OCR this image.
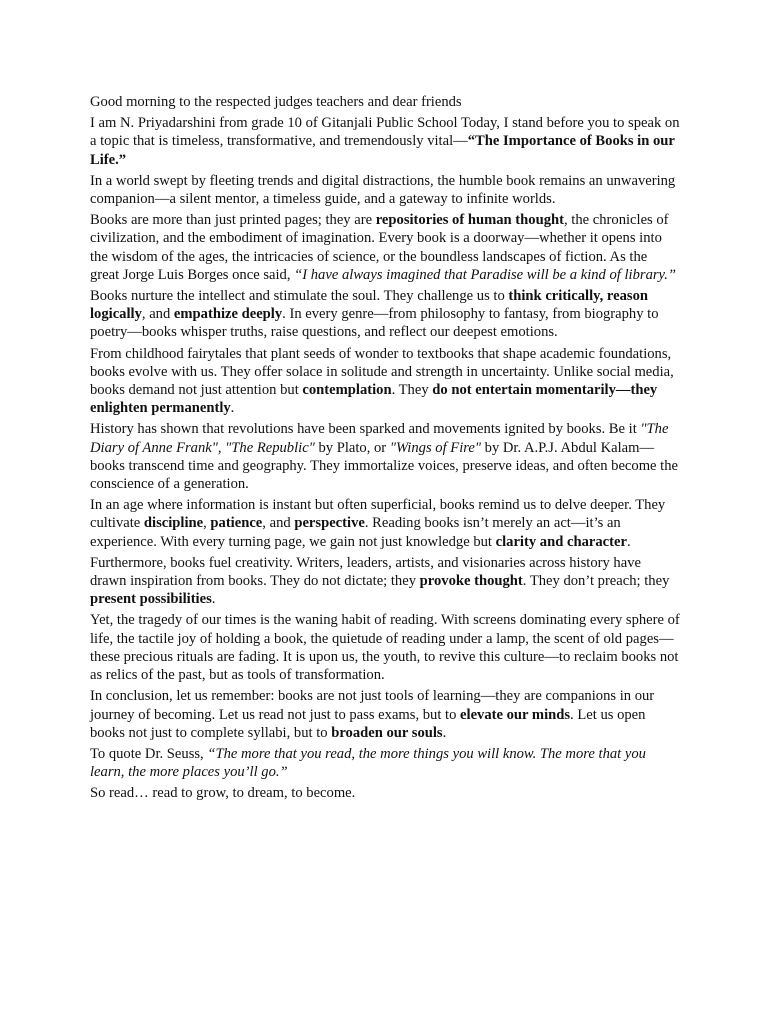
Good morning to the respected judges teachers and dear friends

I am N. Priyadarshini from grade 10 of Gitanjali Public School Today, I stand before you to speak on a topic that is timeless, transformative, and tremendously vital—“The Importance of Books in our Life.”

In a world swept by fleeting trends and digital distractions, the humble book remains an unwavering companion—a silent mentor, a timeless guide, and a gateway to infinite worlds.

Books are more than just printed pages; they are repositories of human thought, the chronicles of civilization, and the embodiment of imagination. Every book is a doorway—whether it opens into the wisdom of the ages, the intricacies of science, or the boundless landscapes of fiction. As the great Jorge Luis Borges once said, “I have always imagined that Paradise will be a kind of library.”

Books nurture the intellect and stimulate the soul. They challenge us to think critically, reason logically, and empathize deeply. In every genre—from philosophy to fantasy, from biography to poetry—books whisper truths, raise questions, and reflect our deepest emotions.

From childhood fairytales that plant seeds of wonder to textbooks that shape academic foundations, books evolve with us. They offer solace in solitude and strength in uncertainty. Unlike social media, books demand not just attention but contemplation. They do not entertain momentarily—they enlighten permanently.

History has shown that revolutions have been sparked and movements ignited by books. Be it "The Diary of Anne Frank", "The Republic" by Plato, or "Wings of Fire" by Dr. A.P.J. Abdul Kalam—books transcend time and geography. They immortalize voices, preserve ideas, and often become the conscience of a generation.

In an age where information is instant but often superficial, books remind us to delve deeper. They cultivate discipline, patience, and perspective. Reading books isn’t merely an act—it’s an experience. With every turning page, we gain not just knowledge but clarity and character.

Furthermore, books fuel creativity. Writers, leaders, artists, and visionaries across history have drawn inspiration from books. They do not dictate; they provoke thought. They don’t preach; they present possibilities.

Yet, the tragedy of our times is the waning habit of reading. With screens dominating every sphere of life, the tactile joy of holding a book, the quietude of reading under a lamp, the scent of old pages—these precious rituals are fading. It is upon us, the youth, to revive this culture—to reclaim books not as relics of the past, but as tools of transformation.

In conclusion, let us remember: books are not just tools of learning—they are companions in our journey of becoming. Let us read not just to pass exams, but to elevate our minds. Let us open books not just to complete syllabi, but to broaden our souls.

To quote Dr. Seuss, “The more that you read, the more things you will know. The more that you learn, the more places you’ll go.”

So read… read to grow, to dream, to become.
